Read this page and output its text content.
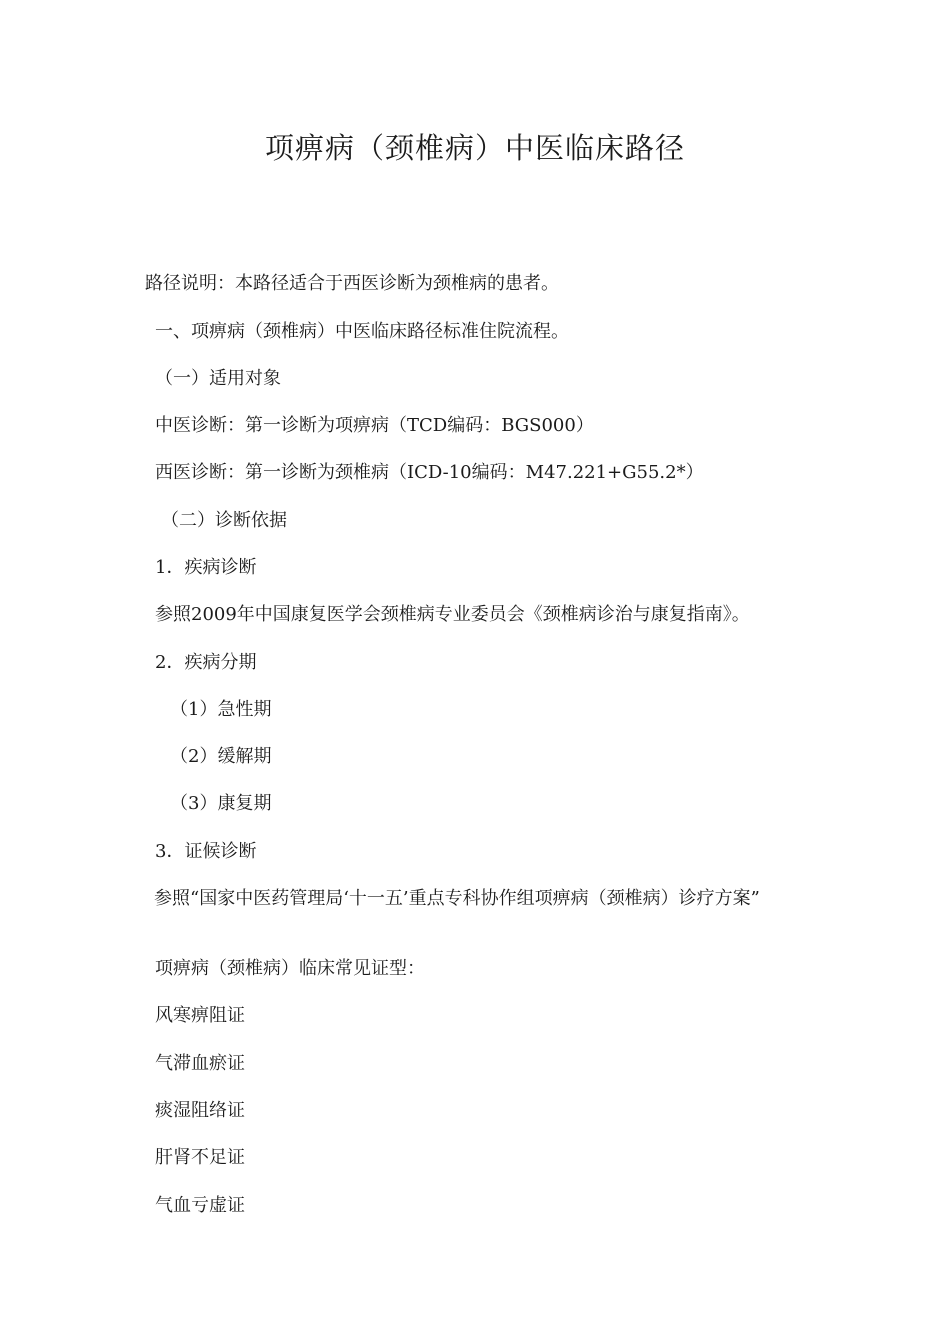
项痹病（颈椎病）中医临床路径
路径说明：本路径适合于西医诊断为颈椎病的患者。
一、项痹病（颈椎病）中医临床路径标准住院流程。
（一）适用对象
中医诊断：第一诊断为项痹病（TCD编码：BGS000）
西医诊断：第一诊断为颈椎病（ICD-10编码：M47.221+G55.2*）
（二）诊断依据
1．疾病诊断
参照2009年中国康复医学会颈椎病专业委员会《颈椎病诊治与康复指南》。
2．疾病分期
（1）急性期
（2）缓解期
（3）康复期
3．证候诊断
参照“国家中医药管理局‘十一五’重点专科协作组项痹病（颈椎病）诊疗方案”
项痹病（颈椎病）临床常见证型：
风寒痹阻证
气滞血瘀证
痰湿阻络证
肝肾不足证
气血亏虚证
